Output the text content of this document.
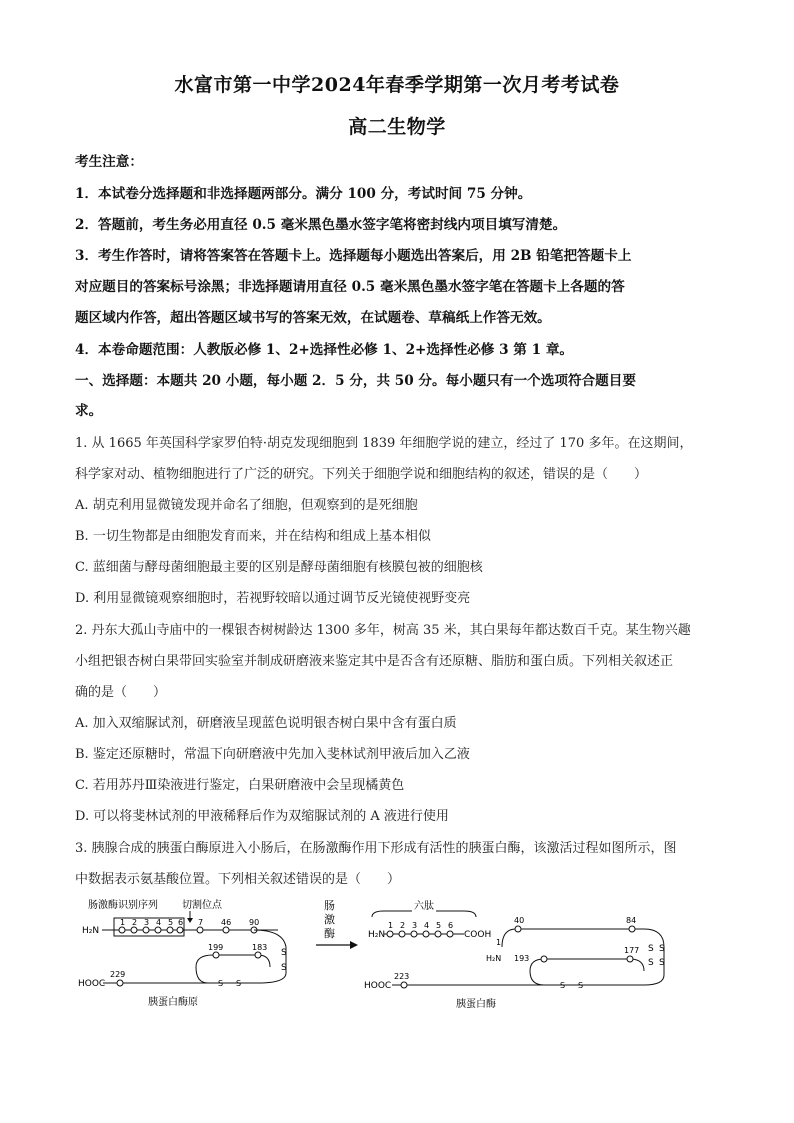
水富市第一中学2024年春季学期第一次月考考试卷
高二生物学
考生注意：
1．本试卷分选择题和非选择题两部分。满分 100 分，考试时间 75 分钟。
2．答题前，考生务必用直径 0.5 毫米黑色墨水签字笔将密封线内项目填写清楚。
3．考生作答时，请将答案答在答题卡上。选择题每小题选出答案后，用 2B 铅笔把答题卡上
对应题目的答案标号涂黑；非选择题请用直径 0.5 毫米黑色墨水签字笔在答题卡上各题的答
题区域内作答，超出答题区域书写的答案无效，在试题卷、草稿纸上作答无效。
4．本卷命题范围：人教版必修 1、2+选择性必修 1、2+选择性必修 3 第 1 章。
一、选择题：本题共 20 小题，每小题 2．5 分，共 50 分。每小题只有一个选项符合题目要
求。
1. 从 1665 年英国科学家罗伯特·胡克发现细胞到 1839 年细胞学说的建立，经过了 170 多年。在这期间，
科学家对动、植物细胞进行了广泛的研究。下列关于细胞学说和细胞结构的叙述，错误的是（　　）
A. 胡克利用显微镜发现并命名了细胞，但观察到的是死细胞
B. 一切生物都是由细胞发育而来，并在结构和组成上基本相似
C. 蓝细菌与酵母菌细胞最主要的区别是酵母菌细胞有核膜包被的细胞核
D. 利用显微镜观察细胞时，若视野较暗以通过调节反光镜使视野变亮
2. 丹东大孤山寺庙中的一棵银杏树树龄达 1300 多年，树高 35 米，其白果每年都达数百千克。某生物兴趣
小组把银杏树白果带回实验室并制成研磨液来鉴定其中是否含有还原糖、脂肪和蛋白质。下列相关叙述正
确的是（　　）
A. 加入双缩脲试剂，研磨液呈现蓝色说明银杏树白果中含有蛋白质
B. 鉴定还原糖时，常温下向研磨液中先加入斐林试剂甲液后加入乙液
C. 若用苏丹Ⅲ染液进行鉴定，白果研磨液中会呈现橘黄色
D. 可以将斐林试剂的甲液稀释后作为双缩脲试剂的 A 液进行使用
3. 胰腺合成的胰蛋白酶原进入小肠后，在肠激酶作用下形成有活性的胰蛋白酶，该激活过程如图所示，图
中数据表示氨基酸位置。下列相关叙述错误的是（　　）
肠激酶识别序列 切割位点
H₂N
1 2 3 4 5 6 7 46 90
S
S
199	183
S S
229
HOOC
胰蛋白酶原
肠
激
酶
六肽
H₂N
1 2 3 4 5 6
COOH
40	84
1
S
S
S
S
H₂N 193
177
S S
223
HOOC
胰蛋白酶
